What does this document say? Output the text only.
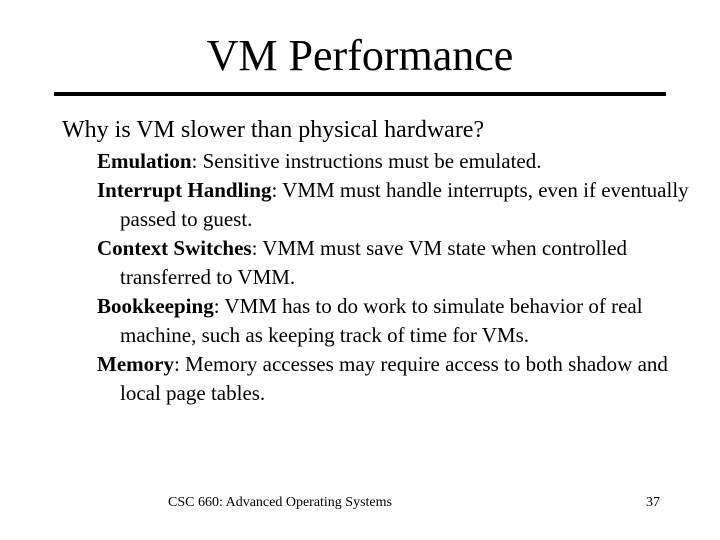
VM Performance
Why is VM slower than physical hardware?
Emulation: Sensitive instructions must be emulated.
Interrupt Handling: VMM must handle interrupts, even if eventually passed to guest.
Context Switches: VMM must save VM state when controlled transferred to VMM.
Bookkeeping: VMM has to do work to simulate behavior of real machine, such as keeping track of time for VMs.
Memory: Memory accesses may require access to both shadow and local page tables.
CSC 660: Advanced Operating Systems	37
